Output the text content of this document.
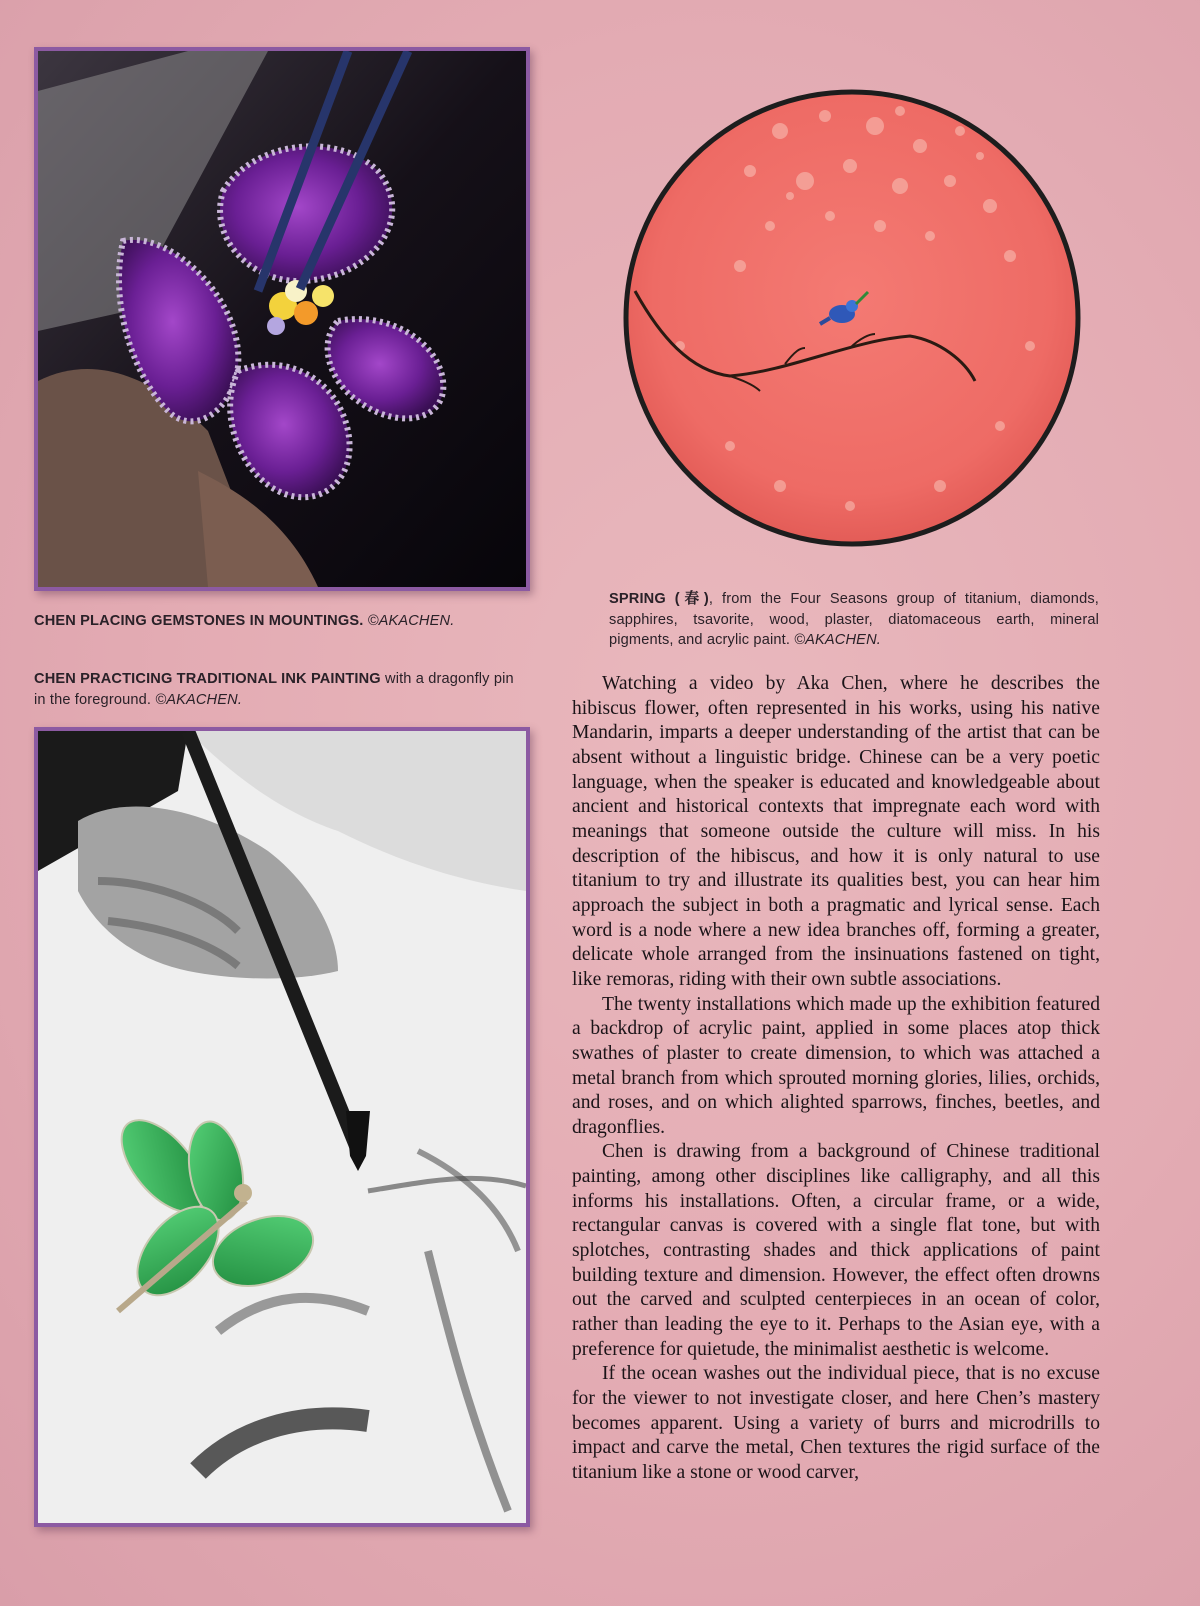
CHEN PLACING GEMSTONES IN MOUNTINGS. ©AKACHEN.
CHEN PRACTICING TRADITIONAL INK PAINTING with a dragonfly pin in the foreground. ©AKACHEN.
SPRING (春), from the Four Seasons group of titanium, diamonds, sapphires, tsavorite, wood, plaster, diatomaceous earth, mineral pigments, and acrylic paint. ©AKACHEN.

Watching a video by Aka Chen, where he describes the hibiscus flower, often represented in his works, using his native Mandarin, imparts a deeper understanding of the artist that can be absent without a linguistic bridge. Chinese can be a very poetic language, when the speaker is educated and knowledgeable about ancient and historical contexts that impregnate each word with meanings that someone outside the culture will miss. In his description of the hibiscus, and how it is only natural to use titanium to try and illustrate its qualities best, you can hear him approach the subject in both a pragmatic and lyrical sense. Each word is a node where a new idea branches off, forming a greater, delicate whole arranged from the insinuations fastened on tight, like remoras, riding with their own subtle associations.

The twenty installations which made up the exhibition featured a backdrop of acrylic paint, applied in some places atop thick swathes of plaster to create dimension, to which was attached a metal branch from which sprouted morning glories, lilies, orchids, and roses, and on which alighted sparrows, finches, beetles, and dragonflies.

Chen is drawing from a background of Chinese traditional painting, among other disciplines like calligraphy, and all this informs his installations. Often, a circular frame, or a wide, rectangular canvas is covered with a single flat tone, but with splotches, contrasting shades and thick applications of paint building texture and dimension. However, the effect often drowns out the carved and sculpted centerpieces in an ocean of color, rather than leading the eye to it. Perhaps to the Asian eye, with a preference for quietude, the minimalist aesthetic is welcome.

If the ocean washes out the individual piece, that is no excuse for the viewer to not investigate closer, and here Chen’s mastery becomes apparent. Using a variety of burrs and microdrills to impact and carve the metal, Chen textures the rigid surface of the titanium like a stone or wood carver,
